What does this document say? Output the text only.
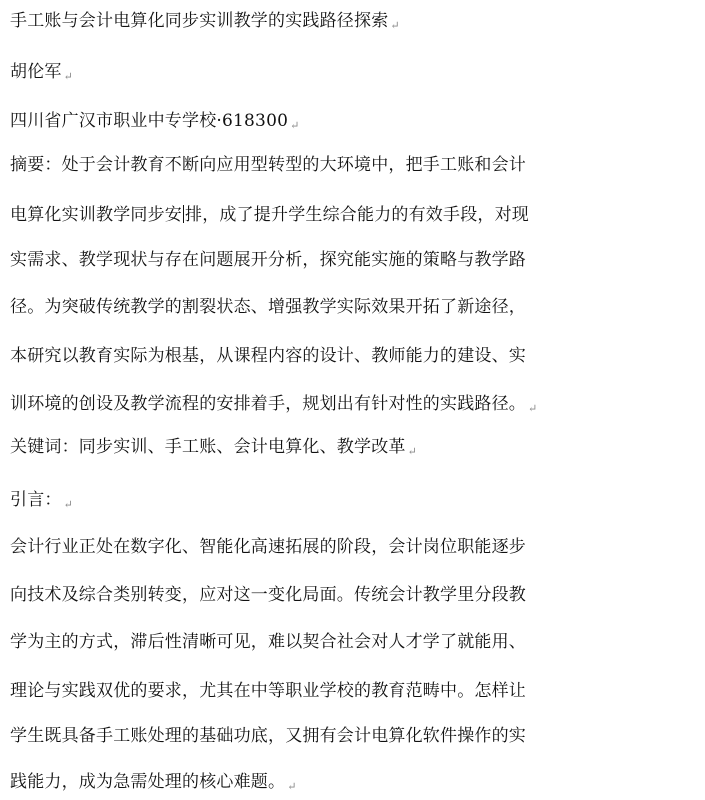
手工账与会计电算化同步实训教学的实践路径探索 ↵
胡伦军 ↵
四川省广汉市职业中专学校·618300 ↵
摘要：处于会计教育不断向应用型转型的大环境中，把手工账和会计
电算化实训教学同步安 排，成了提升学生综合能力的有效手段，对现
实需求、教学现状与存在问题展开分析，探究能实施的策略与教学路
径。为突破传统教学的割裂状态、增强教学实际效果开拓了新途径，
本研究以教育实际为根基，从课程内容的设计、教师能力的建设、实
训环境的创设及教学流程的安排着手，规划出有针对性的实践路径。 ↵
关键词：同步实训、手工账、会计电算化、教学改革 ↵
引言： ↵
会计行业正处在数字化、智能化高速拓展的阶段，会计岗位职能逐步
向技术及综合类别转变，应对这一变化局面。传统会计教学里分段教
学为主的方式，滞后性清晰可见，难以契合社会对人才学了就能用、
理论与实践双优的要求，尤其在中等职业学校的教育范畴中。怎样让
学生既具备手工账处理的基础功底，又拥有会计电算化软件操作的实
践能力，成为急需处理的核心难题。 ↵
